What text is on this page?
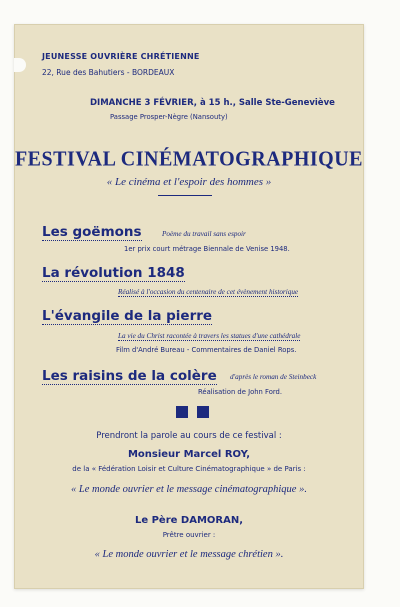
JEUNESSE OUVRIÈRE CHRÉTIENNE
22, Rue des Bahutiers - BORDEAUX
DIMANCHE 3 FÉVRIER, à 15 h., Salle Ste-Geneviève
Passage Prosper-Nègre (Nansouty)
FESTIVAL CINÉMATOGRAPHIQUE
« Le cinéma et l'espoir des hommes »
Les goëmons	Poème du travail sans espoir
1er prix court métrage Biennale de Venise 1948.
La révolution 1848
Réalisé à l'occasion du centenaire de cet évènement historique
L'évangile de la pierre
La vie du Christ racontée à travers les statues d'une cathédrale
Film d'André Bureau - Commentaires de Daniel Rops.
Les raisins de la colère d'après le roman de Steinbeck
Réalisation de John Ford.
Prendront la parole au cours de ce festival :
Monsieur Marcel ROY,
de la « Fédération Loisir et Culture Cinématographique » de Paris :
« Le monde ouvrier et le message cinématographique ».
Le Père DAMORAN,
Prêtre ouvrier :
« Le monde ouvrier et le message chrétien ».
